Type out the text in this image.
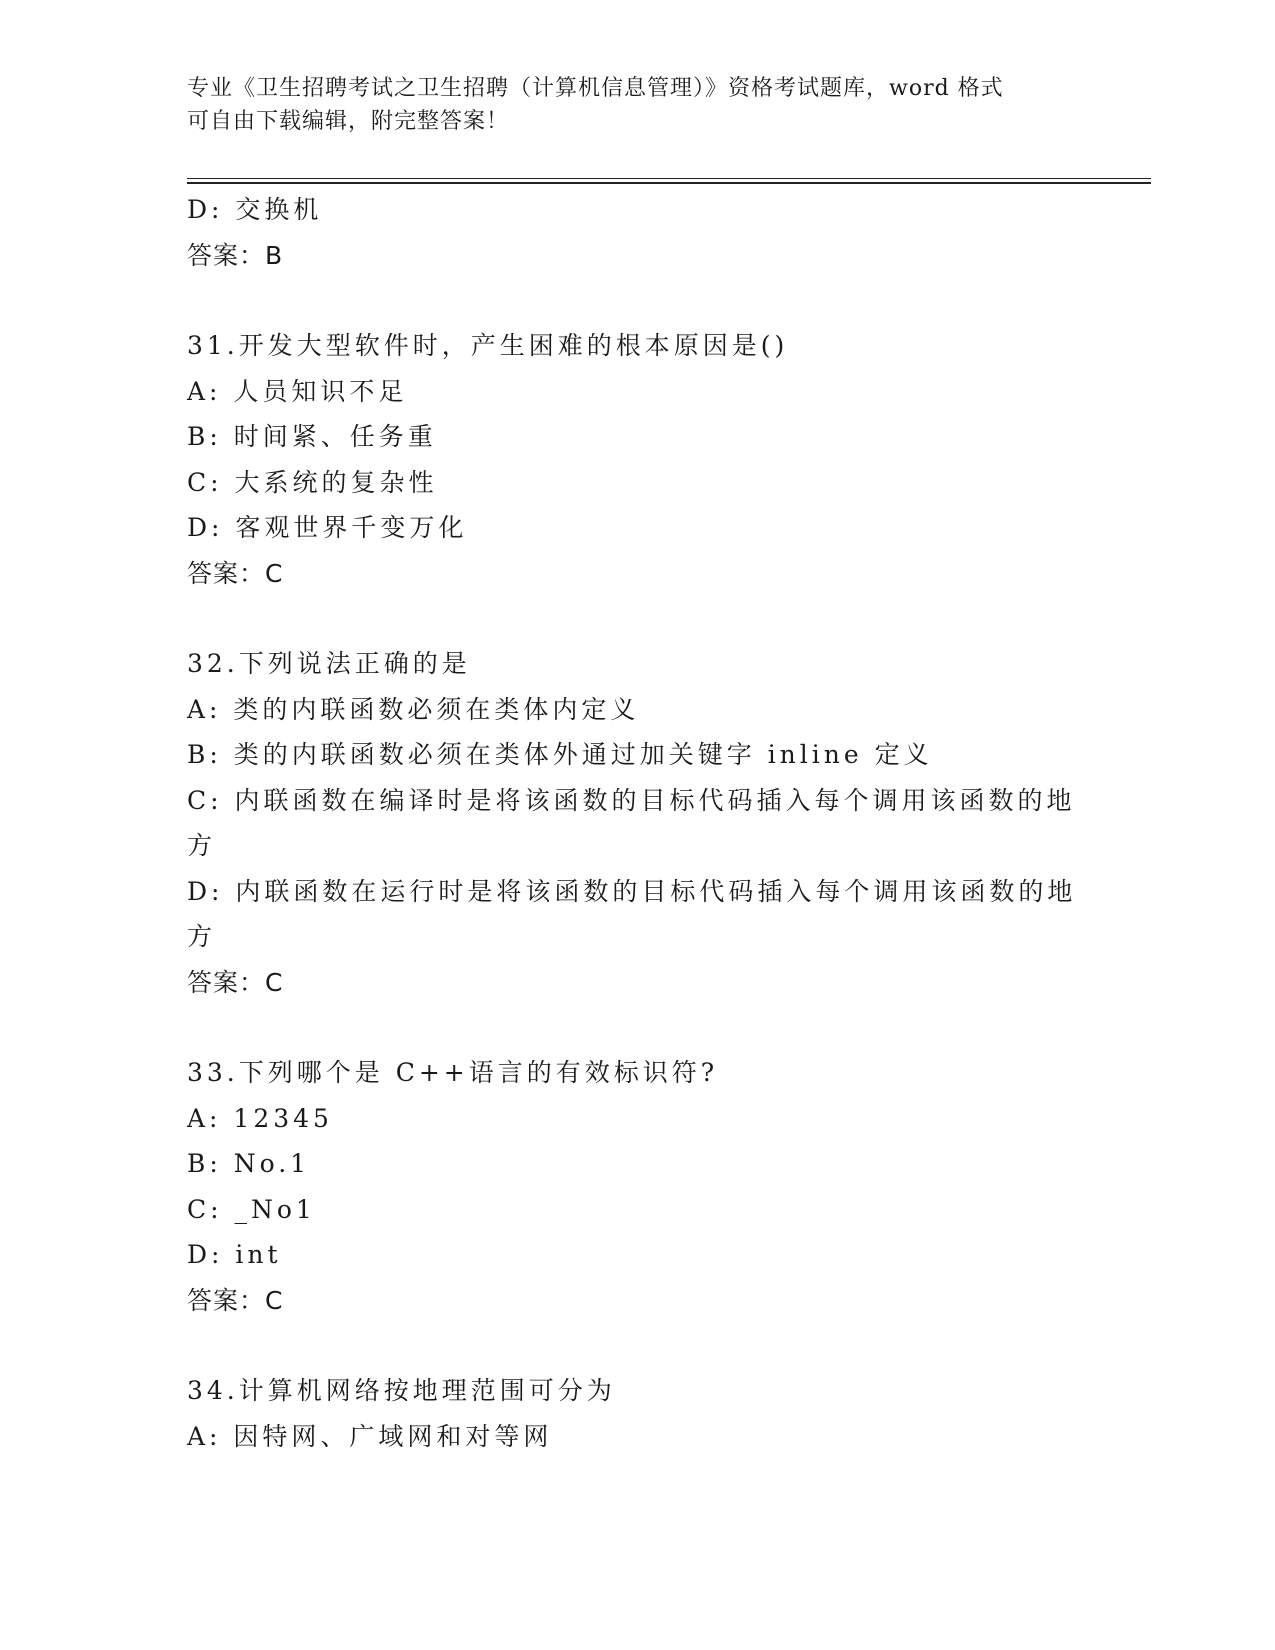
专业《卫生招聘考试之卫生招聘（计算机信息管理）》资格考试题库，word 格式
可自由下载编辑，附完整答案！
D: 交换机
答案：B
31.开发大型软件时，产生困难的根本原因是()
A: 人员知识不足
B: 时间紧、任务重
C: 大系统的复杂性
D: 客观世界千变万化
答案：C
32.下列说法正确的是
A: 类的内联函数必须在类体内定义
B: 类的内联函数必须在类体外通过加关键字 inline 定义
C: 内联函数在编译时是将该函数的目标代码插入每个调用该函数的地
方
D: 内联函数在运行时是将该函数的目标代码插入每个调用该函数的地
方
答案：C
33.下列哪个是 C++语言的有效标识符?
A: 12345
B: No.1
C: _No1
D: int
答案：C
34.计算机网络按地理范围可分为
A: 因特网、广域网和对等网
